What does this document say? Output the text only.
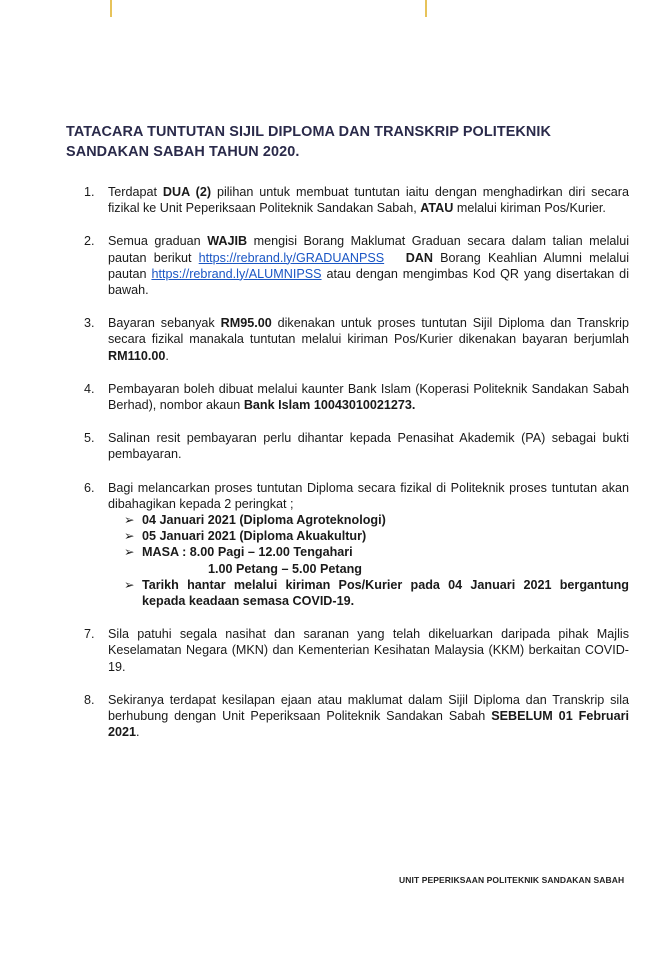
TATACARA TUNTUTAN SIJIL DIPLOMA DAN TRANSKRIP POLITEKNIK SANDAKAN SABAH TAHUN 2020.
1. Terdapat DUA (2) pilihan untuk membuat tuntutan iaitu dengan menghadirkan diri secara fizikal ke Unit Peperiksaan Politeknik Sandakan Sabah, ATAU melalui kiriman Pos/Kurier.
2. Semua graduan WAJIB mengisi Borang Maklumat Graduan secara dalam talian melalui pautan berikut https://rebrand.ly/GRADUANPSS DAN Borang Keahlian Alumni melalui pautan https://rebrand.ly/ALUMNIPSS atau dengan mengimbas Kod QR yang disertakan di bawah.
3. Bayaran sebanyak RM95.00 dikenakan untuk proses tuntutan Sijil Diploma dan Transkrip secara fizikal manakala tuntutan melalui kiriman Pos/Kurier dikenakan bayaran berjumlah RM110.00.
4. Pembayaran boleh dibuat melalui kaunter Bank Islam (Koperasi Politeknik Sandakan Sabah Berhad), nombor akaun Bank Islam 10043010021273.
5. Salinan resit pembayaran perlu dihantar kepada Penasihat Akademik (PA) sebagai bukti pembayaran.
6. Bagi melancarkan proses tuntutan Diploma secara fizikal di Politeknik proses tuntutan akan dibahagikan kepada 2 peringkat ;
➢ 04 Januari 2021 (Diploma Agroteknologi)
➢ 05 Januari 2021 (Diploma Akuakultur)
➢ MASA : 8.00 Pagi – 12.00 Tengahari
1.00 Petang – 5.00 Petang
➢ Tarikh hantar melalui kiriman Pos/Kurier pada 04 Januari 2021 bergantung kepada keadaan semasa COVID-19.
7. Sila patuhi segala nasihat dan saranan yang telah dikeluarkan daripada pihak Majlis Keselamatan Negara (MKN) dan Kementerian Kesihatan Malaysia (KKM) berkaitan COVID-19.
8. Sekiranya terdapat kesilapan ejaan atau maklumat dalam Sijil Diploma dan Transkrip sila berhubung dengan Unit Peperiksaan Politeknik Sandakan Sabah SEBELUM 01 Februari 2021.
UNIT PEPERIKSAAN POLITEKNIK SANDAKAN SABAH
